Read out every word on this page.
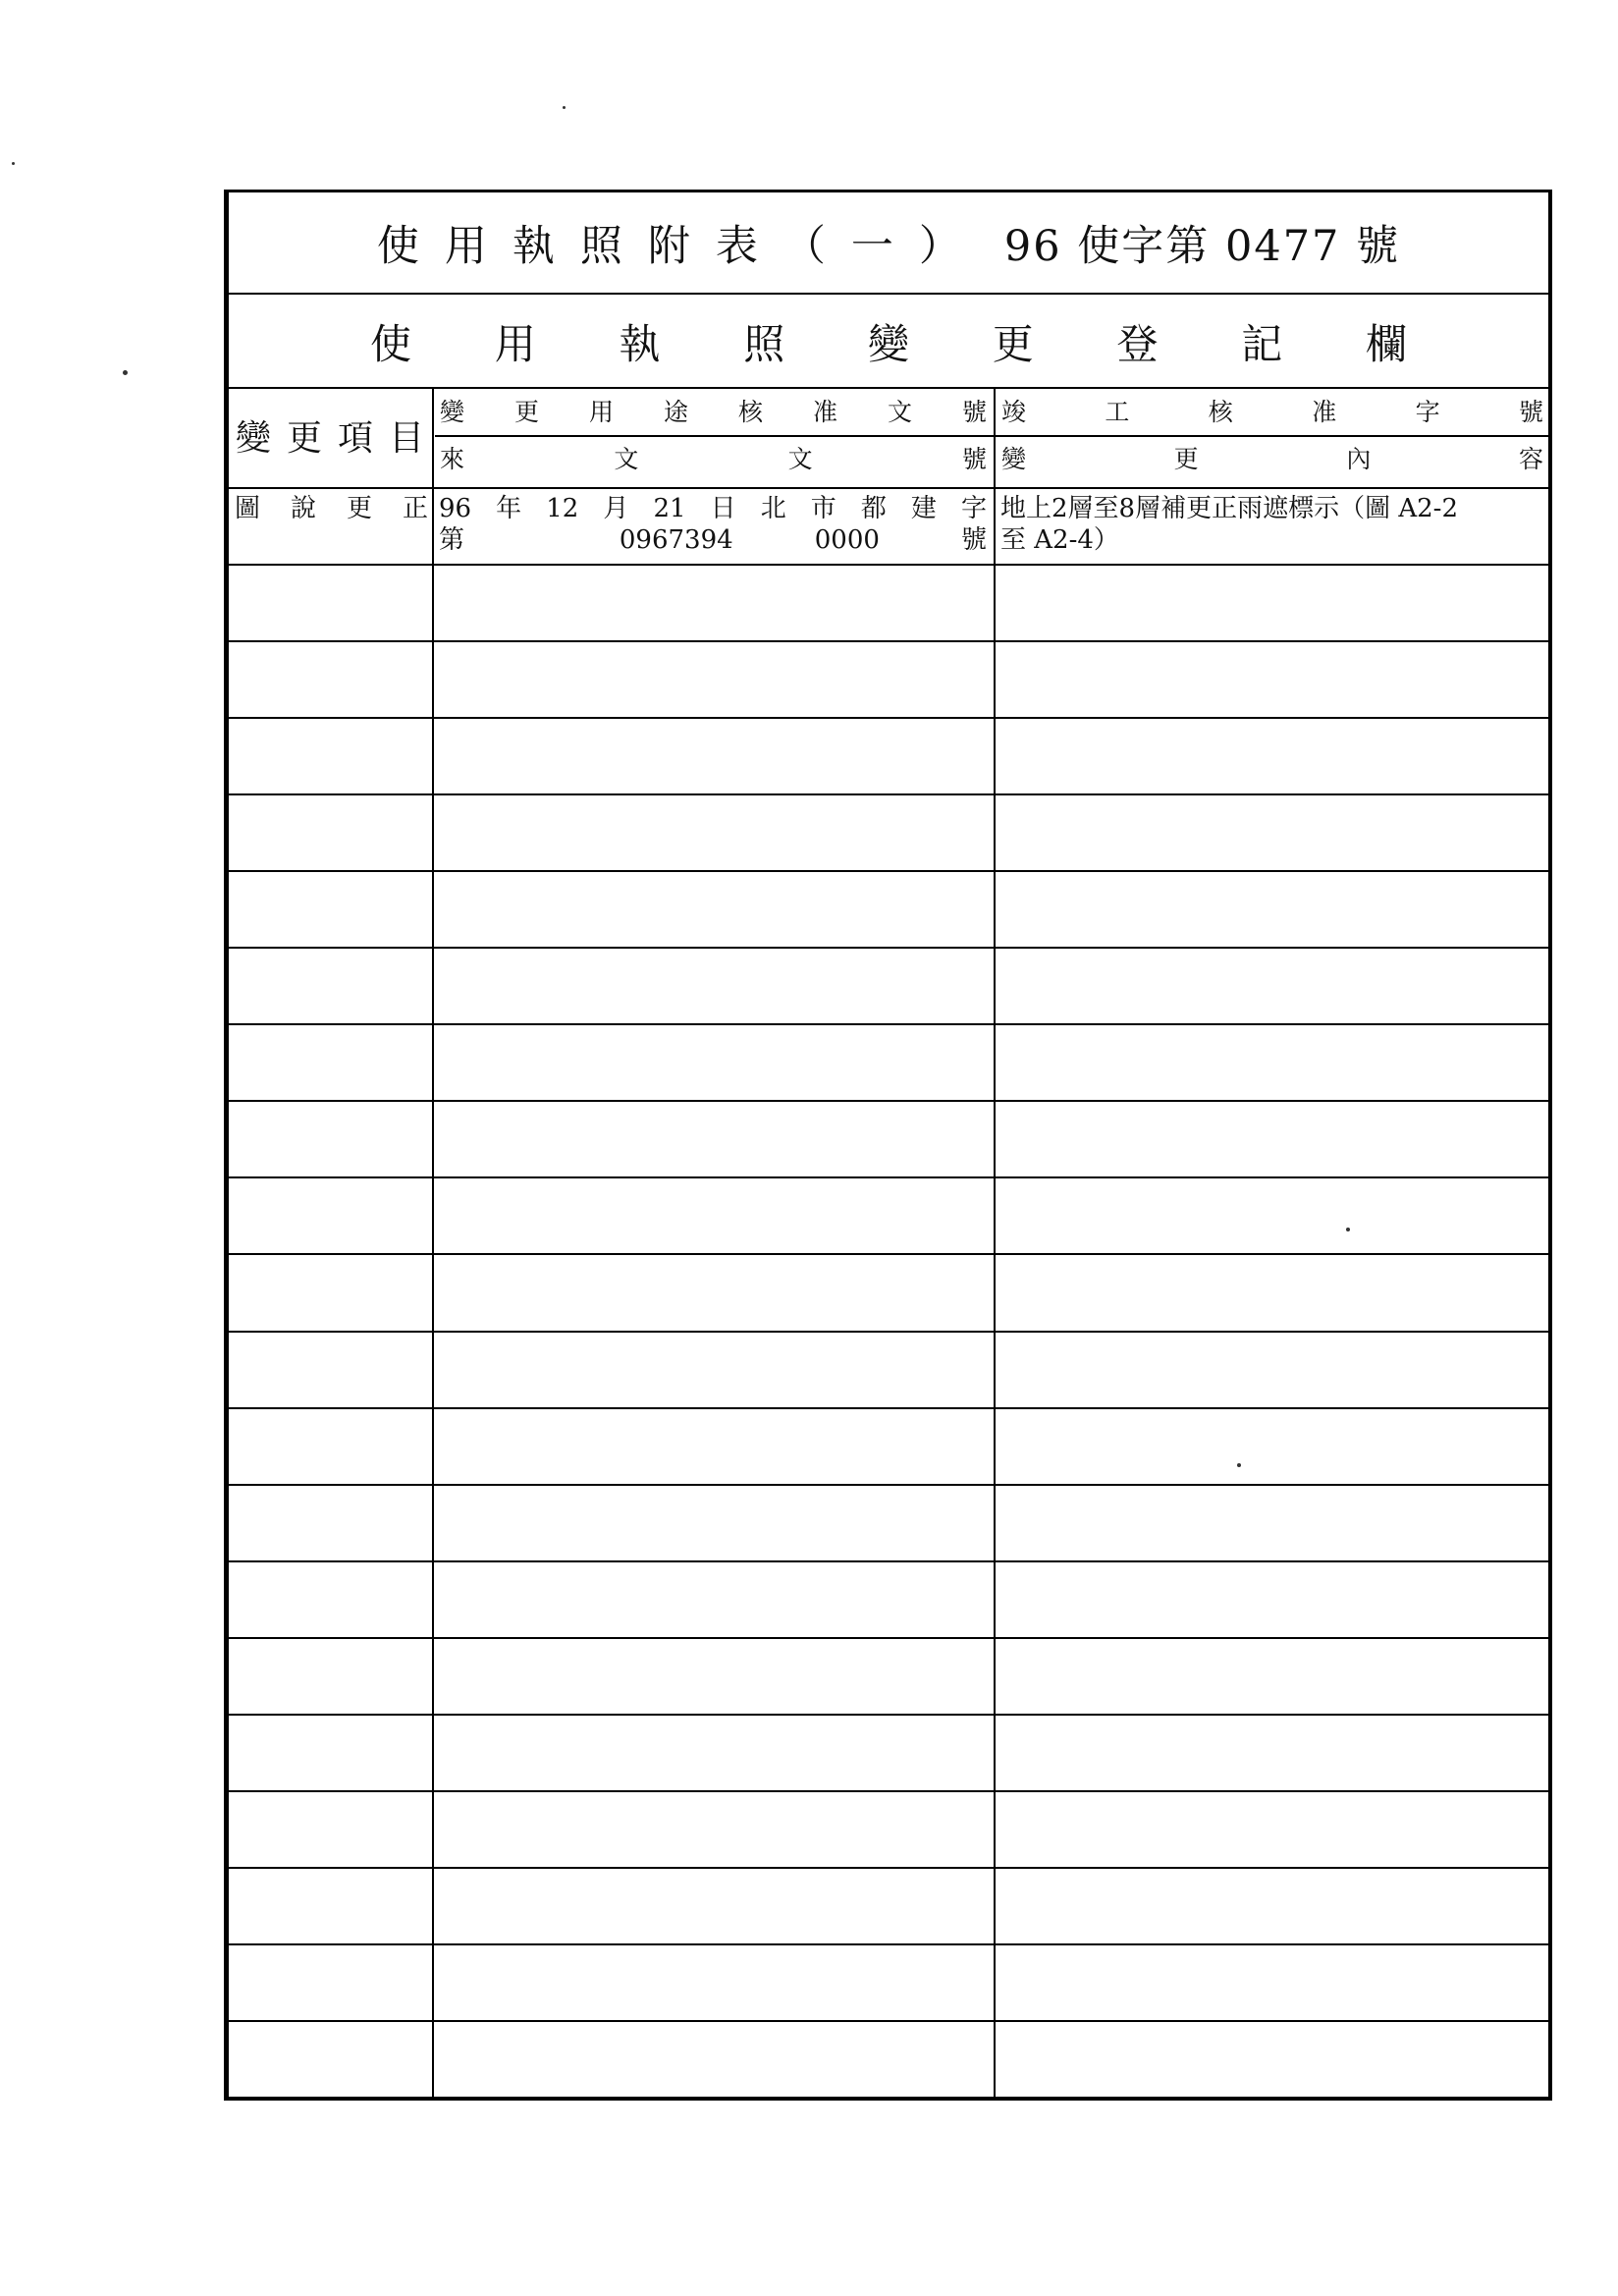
使用執照附表（一） 96 使字第 0477 號
使用執照變更登記欄
變更項目
變更用途核准文號 竣工核准字號
來文文號 變更內容
圖說更正 96年12月21日北市都建字
第 0967394 0000 號
地上2層至8層補更正雨遮標示（圖 A2-2
至 A2-4）
